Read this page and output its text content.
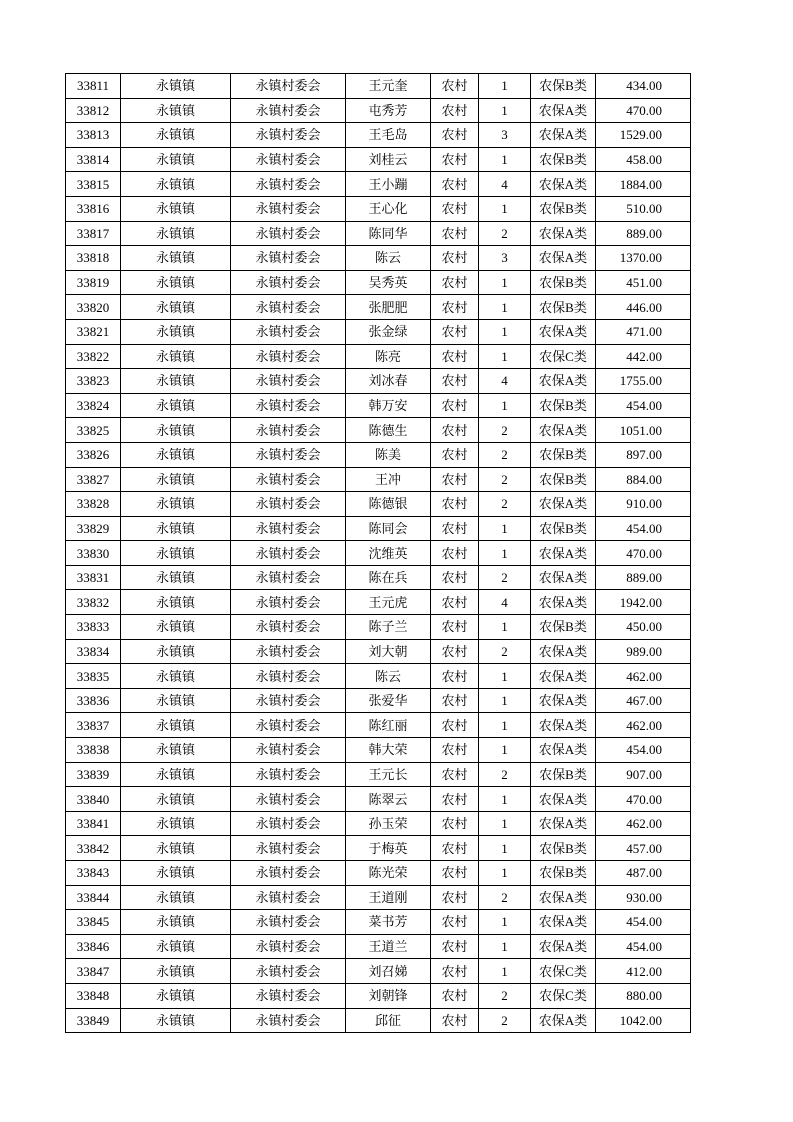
33811	永镇镇	永镇村委会	王元奎	农村	1	农保B类	434.00
33812	永镇镇	永镇村委会	屯秀芳	农村	1	农保A类	470.00
33813	永镇镇	永镇村委会	王毛岛	农村	3	农保A类	1529.00
33814	永镇镇	永镇村委会	刘桂云	农村	1	农保B类	458.00
33815	永镇镇	永镇村委会	王小蹦	农村	4	农保A类	1884.00
33816	永镇镇	永镇村委会	王心化	农村	1	农保B类	510.00
33817	永镇镇	永镇村委会	陈同华	农村	2	农保A类	889.00
33818	永镇镇	永镇村委会	陈云	农村	3	农保A类	1370.00
33819	永镇镇	永镇村委会	吴秀英	农村	1	农保B类	451.00
33820	永镇镇	永镇村委会	张肥肥	农村	1	农保B类	446.00
33821	永镇镇	永镇村委会	张金绿	农村	1	农保A类	471.00
33822	永镇镇	永镇村委会	陈亮	农村	1	农保C类	442.00
33823	永镇镇	永镇村委会	刘冰春	农村	4	农保A类	1755.00
33824	永镇镇	永镇村委会	韩万安	农村	1	农保B类	454.00
33825	永镇镇	永镇村委会	陈德生	农村	2	农保A类	1051.00
33826	永镇镇	永镇村委会	陈美	农村	2	农保B类	897.00
33827	永镇镇	永镇村委会	王冲	农村	2	农保B类	884.00
33828	永镇镇	永镇村委会	陈德银	农村	2	农保A类	910.00
33829	永镇镇	永镇村委会	陈同会	农村	1	农保B类	454.00
33830	永镇镇	永镇村委会	沈维英	农村	1	农保A类	470.00
33831	永镇镇	永镇村委会	陈在兵	农村	2	农保A类	889.00
33832	永镇镇	永镇村委会	王元虎	农村	4	农保A类	1942.00
33833	永镇镇	永镇村委会	陈子兰	农村	1	农保B类	450.00
33834	永镇镇	永镇村委会	刘大朝	农村	2	农保A类	989.00
33835	永镇镇	永镇村委会	陈云	农村	1	农保A类	462.00
33836	永镇镇	永镇村委会	张爱华	农村	1	农保A类	467.00
33837	永镇镇	永镇村委会	陈红丽	农村	1	农保A类	462.00
33838	永镇镇	永镇村委会	韩大荣	农村	1	农保A类	454.00
33839	永镇镇	永镇村委会	王元长	农村	2	农保B类	907.00
33840	永镇镇	永镇村委会	陈翠云	农村	1	农保A类	470.00
33841	永镇镇	永镇村委会	孙玉荣	农村	1	农保A类	462.00
33842	永镇镇	永镇村委会	于梅英	农村	1	农保B类	457.00
33843	永镇镇	永镇村委会	陈光荣	农村	1	农保B类	487.00
33844	永镇镇	永镇村委会	王道刚	农村	2	农保A类	930.00
33845	永镇镇	永镇村委会	菜书芳	农村	1	农保A类	454.00
33846	永镇镇	永镇村委会	王道兰	农村	1	农保A类	454.00
33847	永镇镇	永镇村委会	刘召娣	农村	1	农保C类	412.00
33848	永镇镇	永镇村委会	刘朝锋	农村	2	农保C类	880.00
33849	永镇镇	永镇村委会	邱征	农村	2	农保A类	1042.00
